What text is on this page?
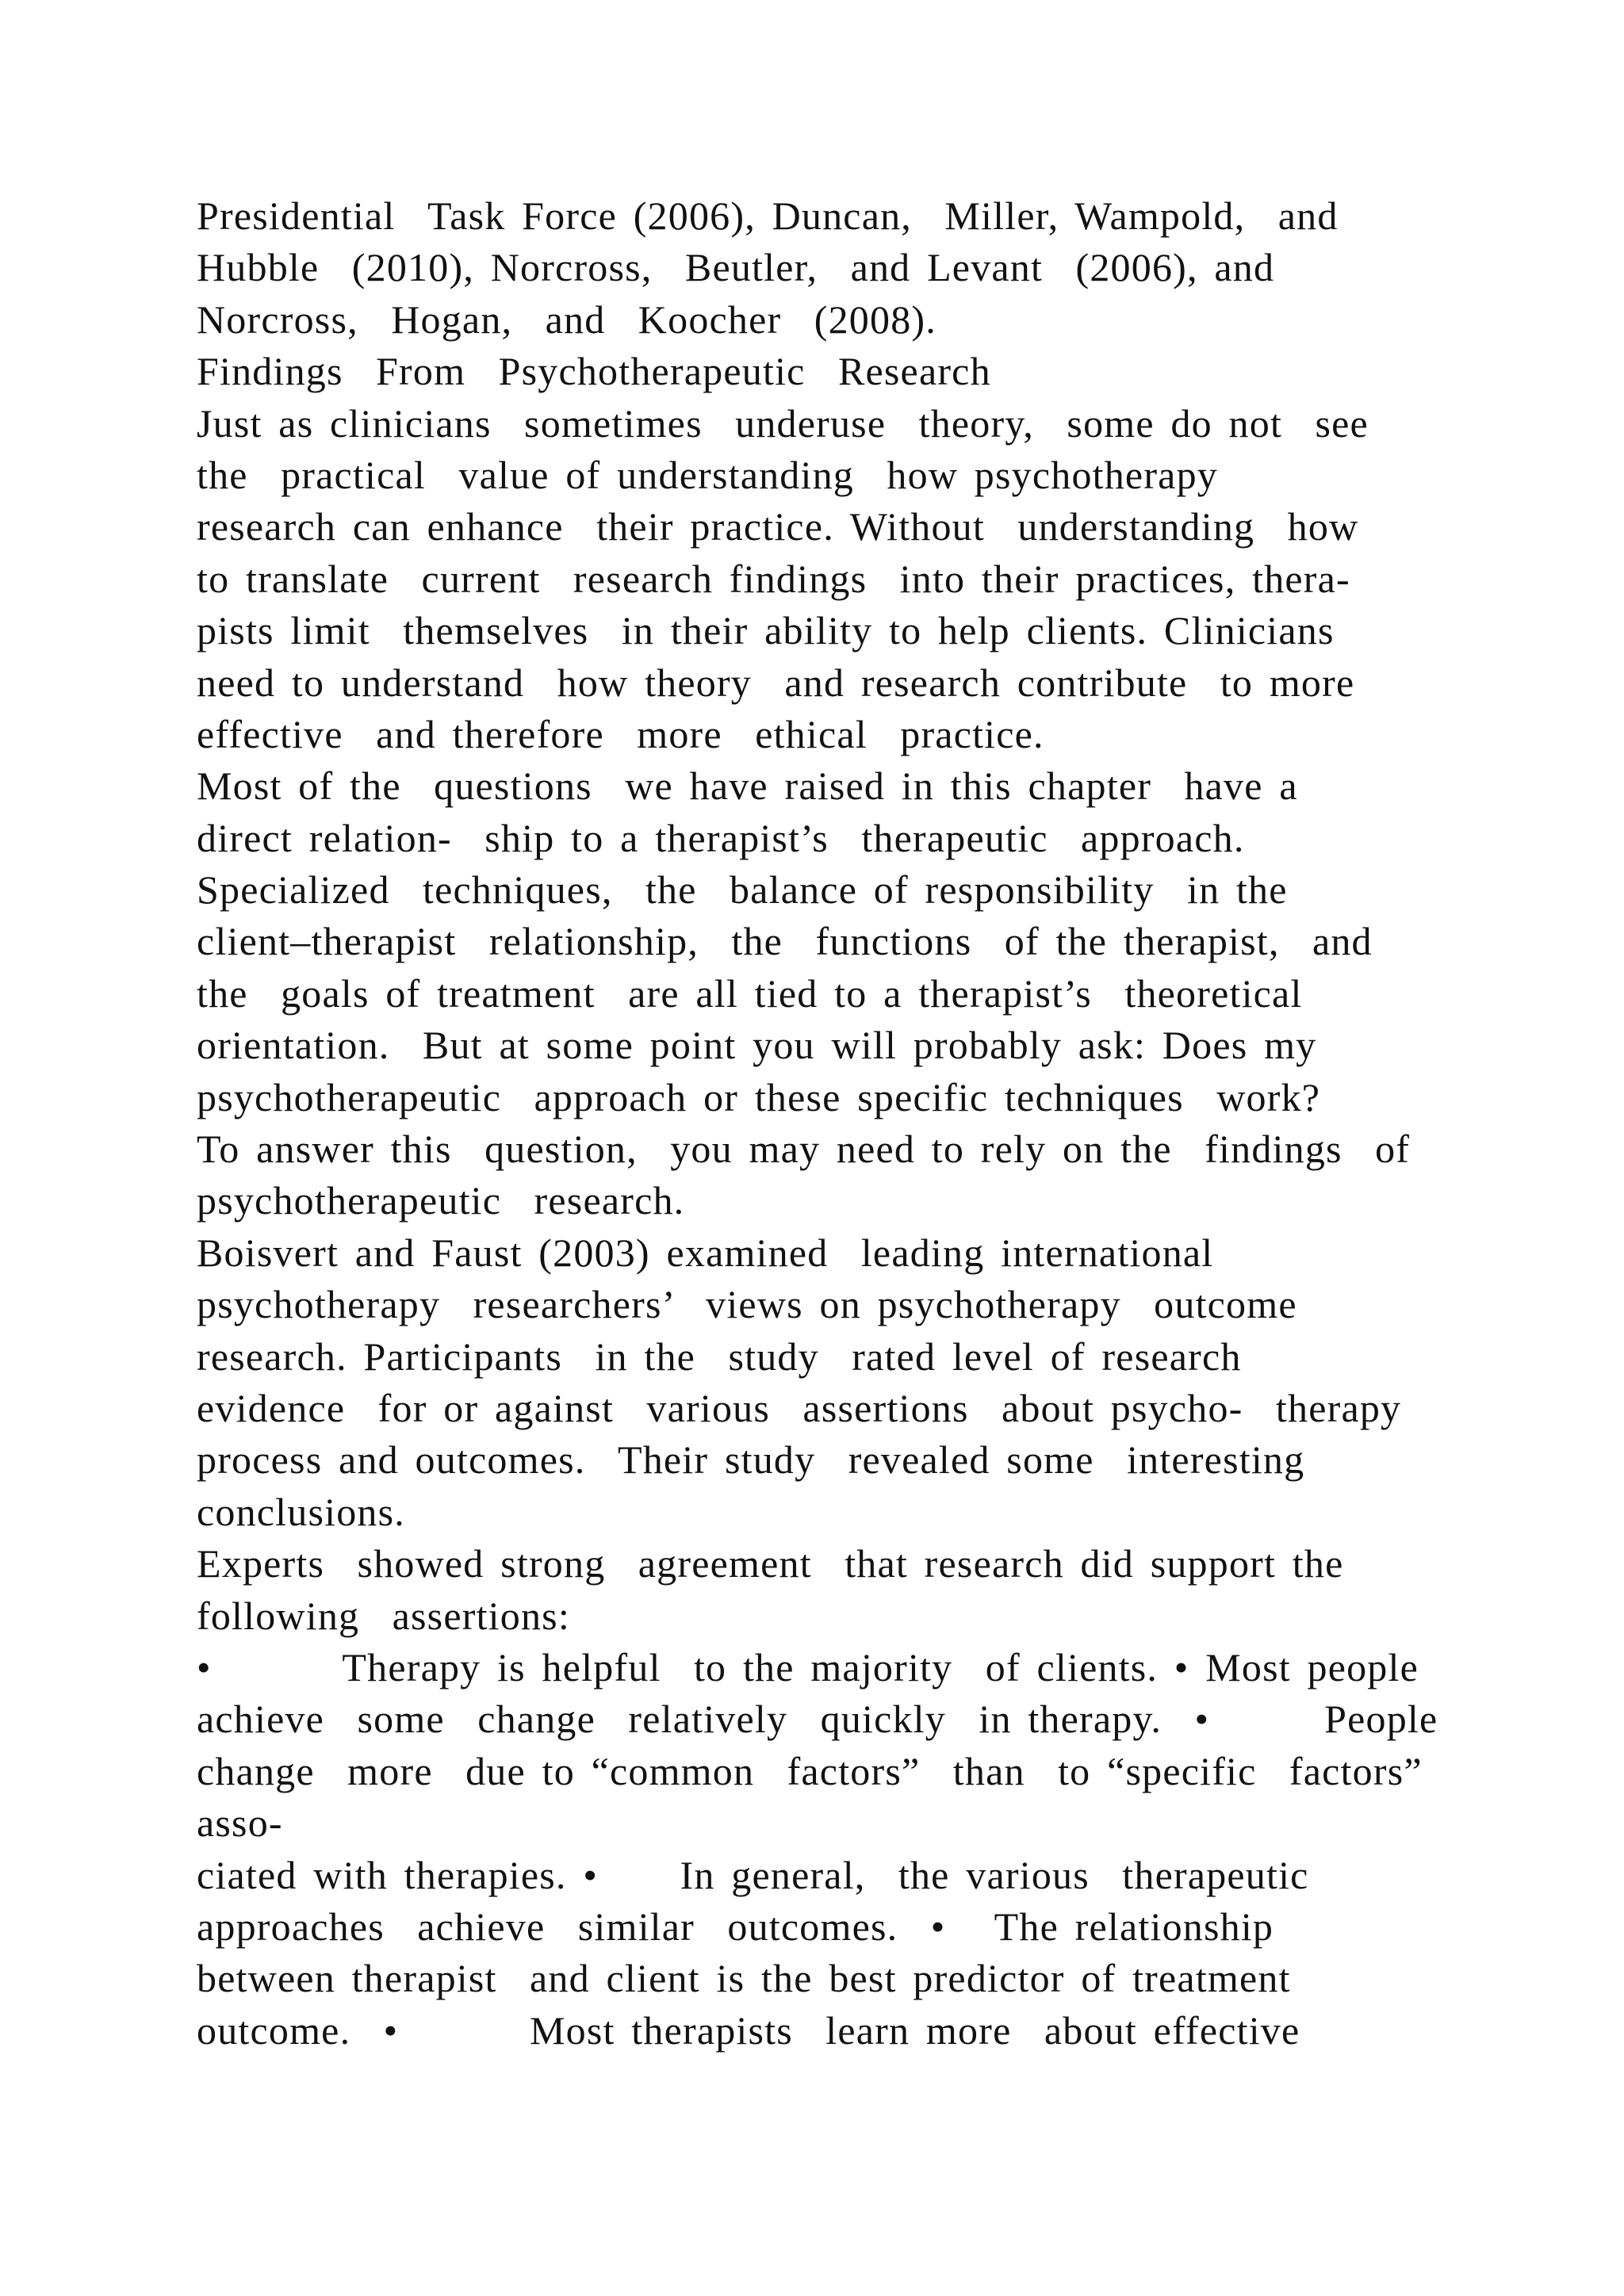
Presidential  Task Force (2006), Duncan,  Miller, Wampold,  and
Hubble  (2010), Norcross,  Beutler,  and Levant  (2006), and
Norcross,  Hogan,  and  Koocher  (2008).
Findings  From  Psychotherapeutic  Research
Just as clinicians  sometimes  underuse  theory,  some do not  see
the  practical  value of understanding  how psychotherapy
research can enhance  their practice. Without  understanding  how
to translate  current  research findings  into their practices, thera-
pists limit  themselves  in their ability to help clients. Clinicians
need to understand  how theory  and research contribute  to more
effective  and therefore  more  ethical  practice.
Most of the  questions  we have raised in this chapter  have a
direct relation-  ship to a therapist’s  therapeutic  approach.
Specialized  techniques,  the  balance of responsibility  in the
client–therapist  relationship,  the  functions  of the therapist,  and
the  goals of treatment  are all tied to a therapist’s  theoretical
orientation.  But at some point you will probably ask: Does my
psychotherapeutic  approach or these specific techniques  work?
To answer this  question,  you may need to rely on the  findings  of
psychotherapeutic  research.
Boisvert and Faust (2003) examined  leading international
psychotherapy  researchers’  views on psychotherapy  outcome
research. Participants  in the  study  rated level of research
evidence  for or against  various  assertions  about psycho-  therapy
process and outcomes.  Their study  revealed some  interesting
conclusions.
Experts  showed strong  agreement  that research did support the
following  assertions:
•        Therapy is helpful  to the majority  of clients. • Most people
achieve  some  change  relatively  quickly  in therapy.  •       People
change  more  due to “common  factors”  than  to “specific  factors”
asso-
ciated with therapies. •     In general,  the various  therapeutic
approaches  achieve  similar  outcomes.  •   The relationship
between therapist  and client is the best predictor of treatment
outcome.  •        Most therapists  learn more  about effective
